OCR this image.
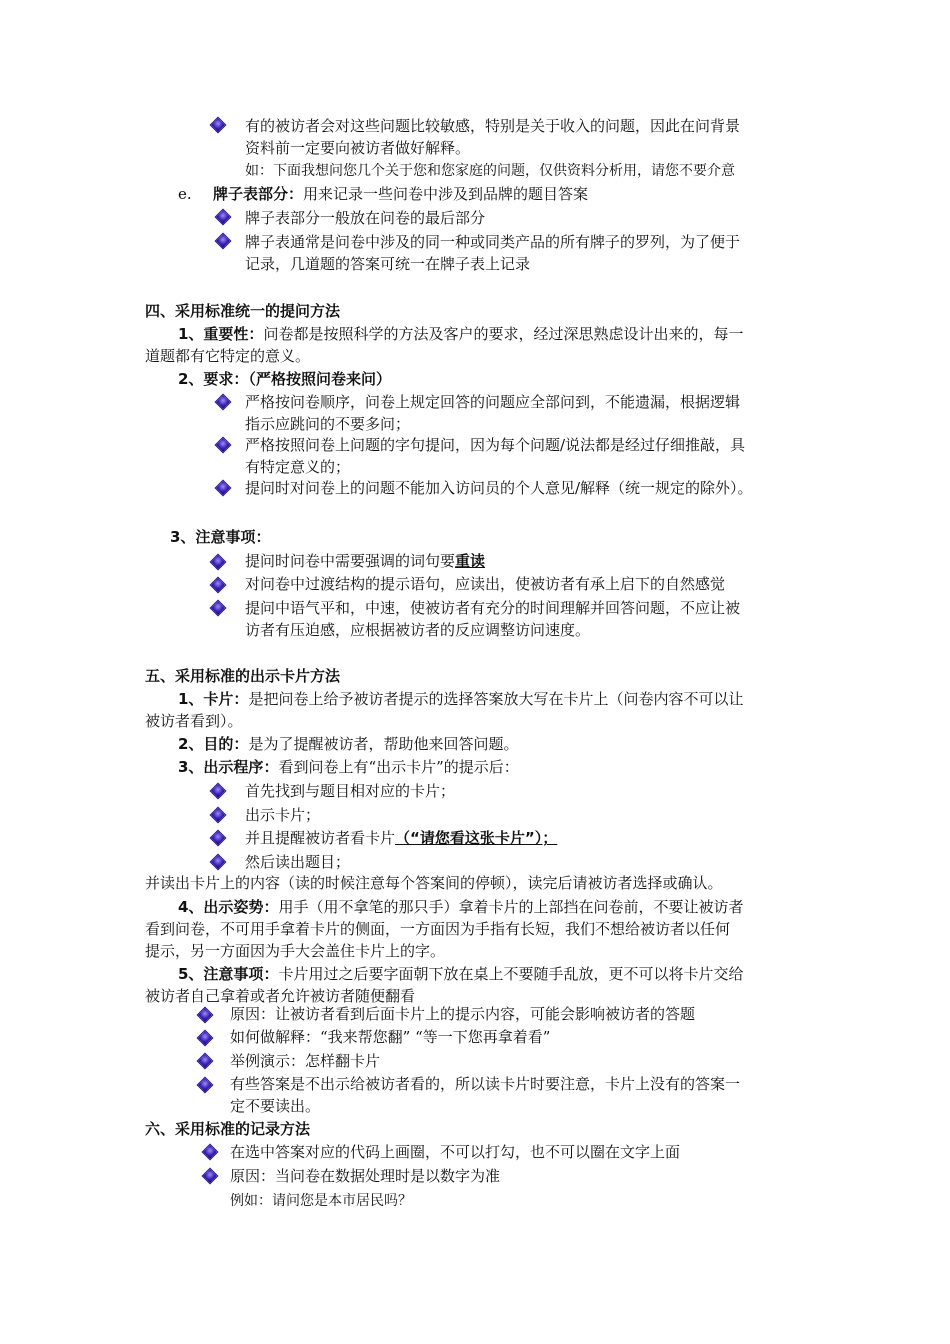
有的被访者会对这些问题比较敏感，特别是关于收入的问题，因此在问背景
资料前一定要向被访者做好解释。
如：下面我想问您几个关于您和您家庭的问题，仅供资料分析用，请您不要介意
e. 牌子表部分：用来记录一些问卷中涉及到品牌的题目答案
牌子表部分一般放在问卷的最后部分
牌子表通常是问卷中涉及的同一种或同类产品的所有牌子的罗列，为了便于
记录，几道题的答案可统一在牌子表上记录
四、采用标准统一的提问方法
1、重要性：问卷都是按照科学的方法及客户的要求，经过深思熟虑设计出来的，每一
道题都有它特定的意义。
2、要求：（严格按照问卷来问）
严格按问卷顺序，问卷上规定回答的问题应全部问到，不能遗漏，根据逻辑
指示应跳问的不要多问；
严格按照问卷上问题的字句提问，因为每个问题/说法都是经过仔细推敲，具
有特定意义的；
提问时对问卷上的问题不能加入访问员的个人意见/解释（统一规定的除外）。
3、注意事项：
提问时问卷中需要强调的词句要重读
对问卷中过渡结构的提示语句，应读出，使被访者有承上启下的自然感觉
提问中语气平和，中速，使被访者有充分的时间理解并回答问题，不应让被
访者有压迫感，应根据被访者的反应调整访问速度。
五、采用标准的出示卡片方法
1、卡片：是把问卷上给予被访者提示的选择答案放大写在卡片上（问卷内容不可以让
被访者看到）。
2、目的：是为了提醒被访者，帮助他来回答问题。
3、出示程序：看到问卷上有“出示卡片”的提示后：
首先找到与题目相对应的卡片；
出示卡片；
并且提醒被访者看卡片（“请您看这张卡片”）；
然后读出题目；
并读出卡片上的内容（读的时候注意每个答案间的停顿），读完后请被访者选择或确认。
4、出示姿势：用手（用不拿笔的那只手）拿着卡片的上部挡在问卷前，不要让被访者
看到问卷，不可用手拿着卡片的侧面，一方面因为手指有长短，我们不想给被访者以任何
提示，另一方面因为手大会盖住卡片上的字。
5、注意事项：卡片用过之后要字面朝下放在桌上不要随手乱放，更不可以将卡片交给
被访者自己拿着或者允许被访者随便翻看
原因：让被访者看到后面卡片上的提示内容，可能会影响被访者的答题
如何做解释：“我来帮您翻” “等一下您再拿着看”
举例演示：怎样翻卡片
有些答案是不出示给被访者看的，所以读卡片时要注意，卡片上没有的答案一
定不要读出。
六、采用标准的记录方法
在选中答案对应的代码上画圈，不可以打勾，也不可以圈在文字上面
原因：当问卷在数据处理时是以数字为准
例如：请问您是本市居民吗？
